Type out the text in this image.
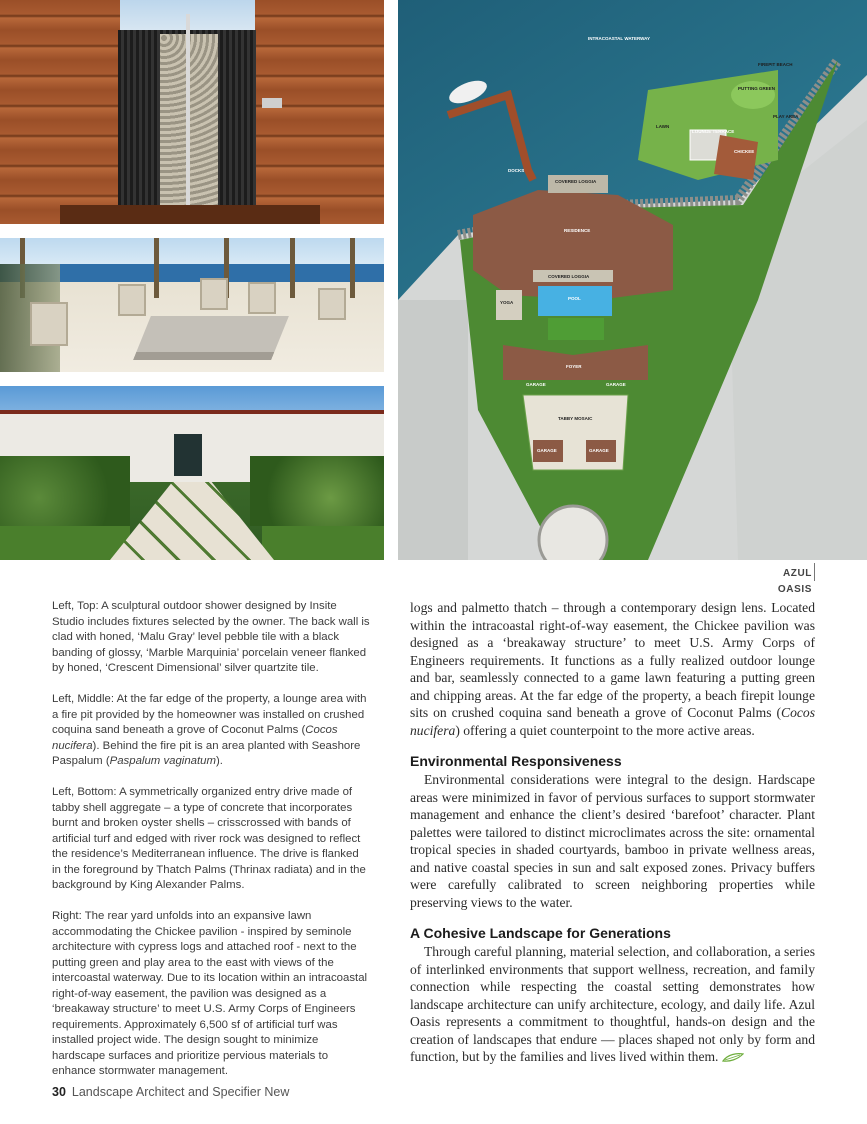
INTRACOASTAL WATERWAY
FIREPIT BEACH
PUTTING GREEN
PLAY AREA
LAWN
LOUNGE TERRACE
CHICKEE
DOCKS
COVERED LOGGIA
RESIDENCE
COVERED LOGGIA
YOGA
POOL
FOYER
GARAGE	GARAGE
TABBY MOSAIC
GARAGE	GARAGE
AZUL OASIS

Left, Top: A sculptural outdoor shower designed by Insite Studio includes fixtures selected by the owner. The back wall is clad with honed, ‘Malu Gray’ level pebble tile with a black banding of glossy, ‘Marble Marquinia’ porcelain veneer flanked by honed, ‘Crescent Dimensional’ silver quartzite tile.

Left, Middle: At the far edge of the property, a lounge area with a fire pit provided by the homeowner was installed on crushed coquina sand beneath a grove of Coconut Palms (Cocos nucifera). Behind the fire pit is an area planted with Seashore Paspalum (Paspalum vaginatum).

Left, Bottom: A symmetrically organized entry drive made of tabby shell aggregate – a type of concrete that incorporates burnt and broken oyster shells – crisscrossed with bands of artificial turf and edged with river rock was designed to reflect the residence’s Mediterranean influence. The drive is flanked in the foreground by Thatch Palms (Thrinax radiata) and in the background by King Alexander Palms.

Right: The rear yard unfolds into an expansive lawn accommodating the Chickee pavilion - inspired by seminole architecture with cypress logs and attached roof - next to the putting green and play area to the east with views of the intercoastal waterway. Due to its location within an intracoastal right-of-way easement, the pavilion was designed as a ‘breakaway structure’ to meet U.S. Army Corps of Engineers requirements. Approximately 6,500 sf of artificial turf was installed project wide. The design sought to minimize hardscape surfaces and prioritize pervious materials to enhance stormwater management.

logs and palmetto thatch – through a contemporary design lens. Located within the intracoastal right-of-way easement, the Chickee pavilion was designed as a ‘breakaway structure’ to meet U.S. Army Corps of Engineers requirements. It functions as a fully realized outdoor lounge and bar, seamlessly connected to a game lawn featuring a putting green and chipping areas. At the far edge of the property, a beach firepit lounge sits on crushed coquina sand beneath a grove of Coconut Palms (Cocos nucifera) offering a quiet counterpoint to the more active areas.

Environmental Responsiveness

Environmental considerations were integral to the design. Hardscape areas were minimized in favor of pervious surfaces to support stormwater management and enhance the client’s desired ‘barefoot’ character. Plant palettes were tailored to distinct microclimates across the site: ornamental tropical species in shaded courtyards, bamboo in private wellness areas, and native coastal species in sun and salt exposed zones. Privacy buffers were carefully calibrated to screen neighboring properties while preserving views to the water.

A Cohesive Landscape for Generations

Through careful planning, material selection, and collaboration, a series of interlinked environments that support wellness, recreation, and family connection while respecting the coastal setting demonstrates how landscape architecture can unify architecture, ecology, and daily life. Azul Oasis represents a commitment to thoughtful, hands-on design and the creation of landscapes that endure — places shaped not only by form and function, but by the families and lives lived within them.

30 Landscape Architect and Specifier New
